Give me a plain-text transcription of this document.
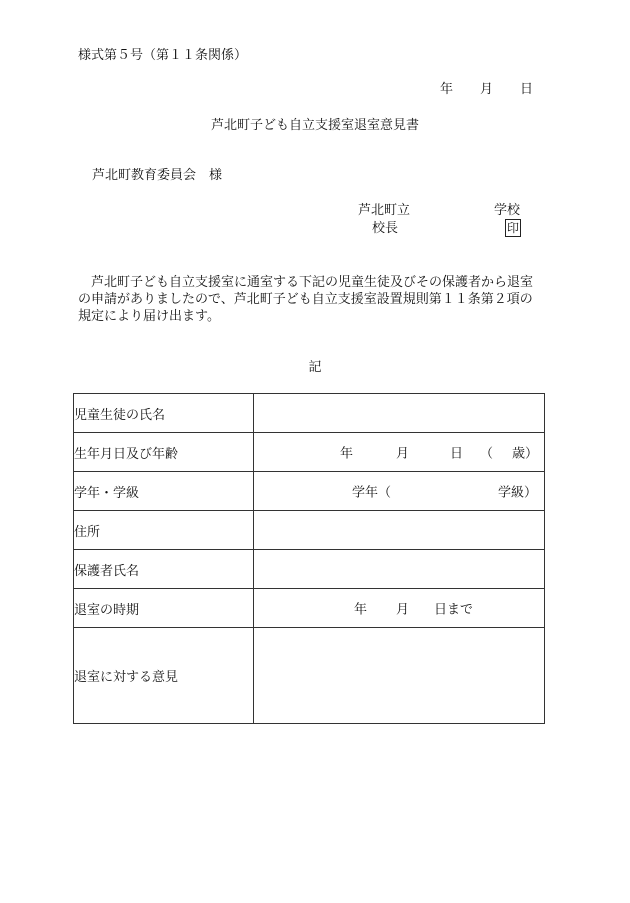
様式第５号（第１１条関係）
年 月 日
芦北町子ども自立支援室退室意見書
芦北町教育委員会　様
芦北町立	学校
校長	印
芦北町子ども自立支援室に通室する下記の児童生徒及びその保護者から退室
の申請がありましたので、芦北町子ども自立支援室設置規則第１１条第２項の
規定により届け出ます。
記
児童生徒の氏名	
生年月日及び年齢	年 月 日 （ 歳）

学年・学級	学年（ 学級）

住所	
保護者氏名	
退室の時期	年 月 日まで

退室に対する意見	
